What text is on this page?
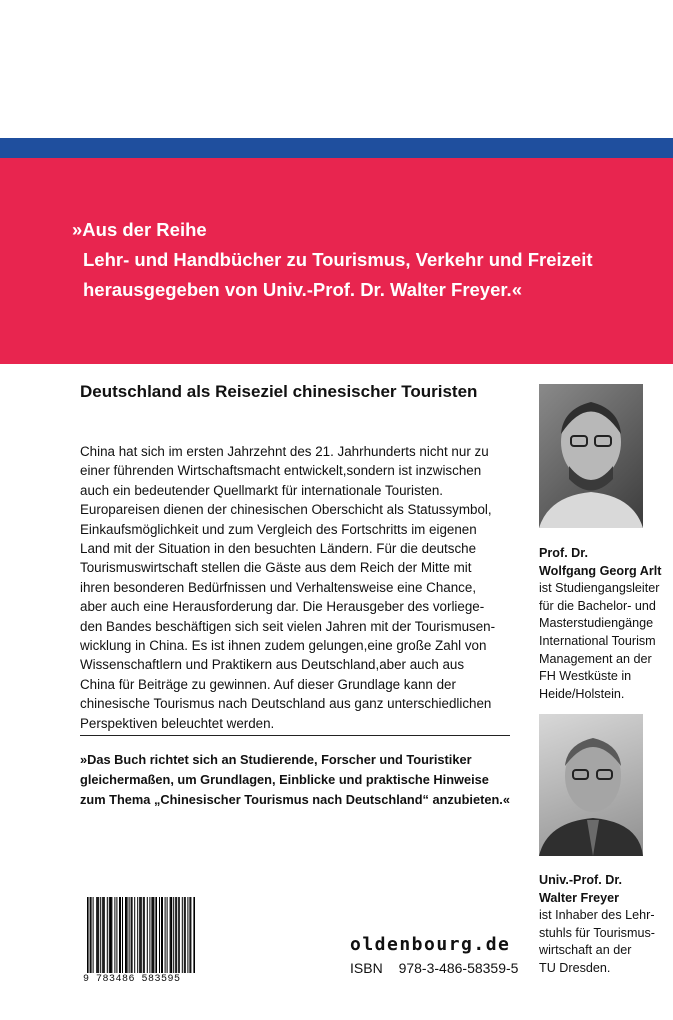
»Aus der Reihe
Lehr- und Handbücher zu Tourismus, Verkehr und Freizeit
herausgegeben von Univ.-Prof. Dr. Walter Freyer.«
Deutschland als Reiseziel chinesischer Touristen
China hat sich im ersten Jahrzehnt des 21. Jahrhunderts nicht nur zu
einer führenden Wirtschaftsmacht entwickelt,sondern ist inzwischen
auch ein bedeutender Quellmarkt für internationale Touristen.
Europareisen dienen der chinesischen Oberschicht als Statussymbol,
Einkaufsmöglichkeit und zum Vergleich des Fortschritts im eigenen
Land mit der Situation in den besuchten Ländern. Für die deutsche
Tourismuswirtschaft stellen die Gäste aus dem Reich der Mitte mit
ihren besonderen Bedürfnissen und Verhaltensweise eine Chance,
aber auch eine Herausforderung dar. Die Herausgeber des vorliege-
den Bandes beschäftigen sich seit vielen Jahren mit der Tourismusen-
wicklung in China. Es ist ihnen zudem gelungen,eine große Zahl von
Wissenschaftlern und Praktikern aus Deutschland,aber auch aus
China für Beiträge zu gewinnen. Auf dieser Grundlage kann der
chinesische Tourismus nach Deutschland aus ganz unterschiedlichen
Perspektiven beleuchtet werden.
»Das Buch richtet sich an Studierende, Forscher und Touristiker
gleichermaßen, um Grundlagen, Einblicke und praktische Hinweise
zum Thema „Chinesischer Tourismus nach Deutschland“ anzubieten.«
Prof. Dr.
Wolfgang Georg Arlt
ist Studiengangsleiter
für die Bachelor- und
Masterstudiengänge
International Tourism
Management an der
FH Westküste in
Heide/Holstein.
Univ.-Prof. Dr.
Walter Freyer
ist Inhaber des Lehr-
stuhls für Tourismus-
wirtschaft an der
TU Dresden.
9 783486 583595
oldenbourg.de
ISBN 978-3-486-58359-5
